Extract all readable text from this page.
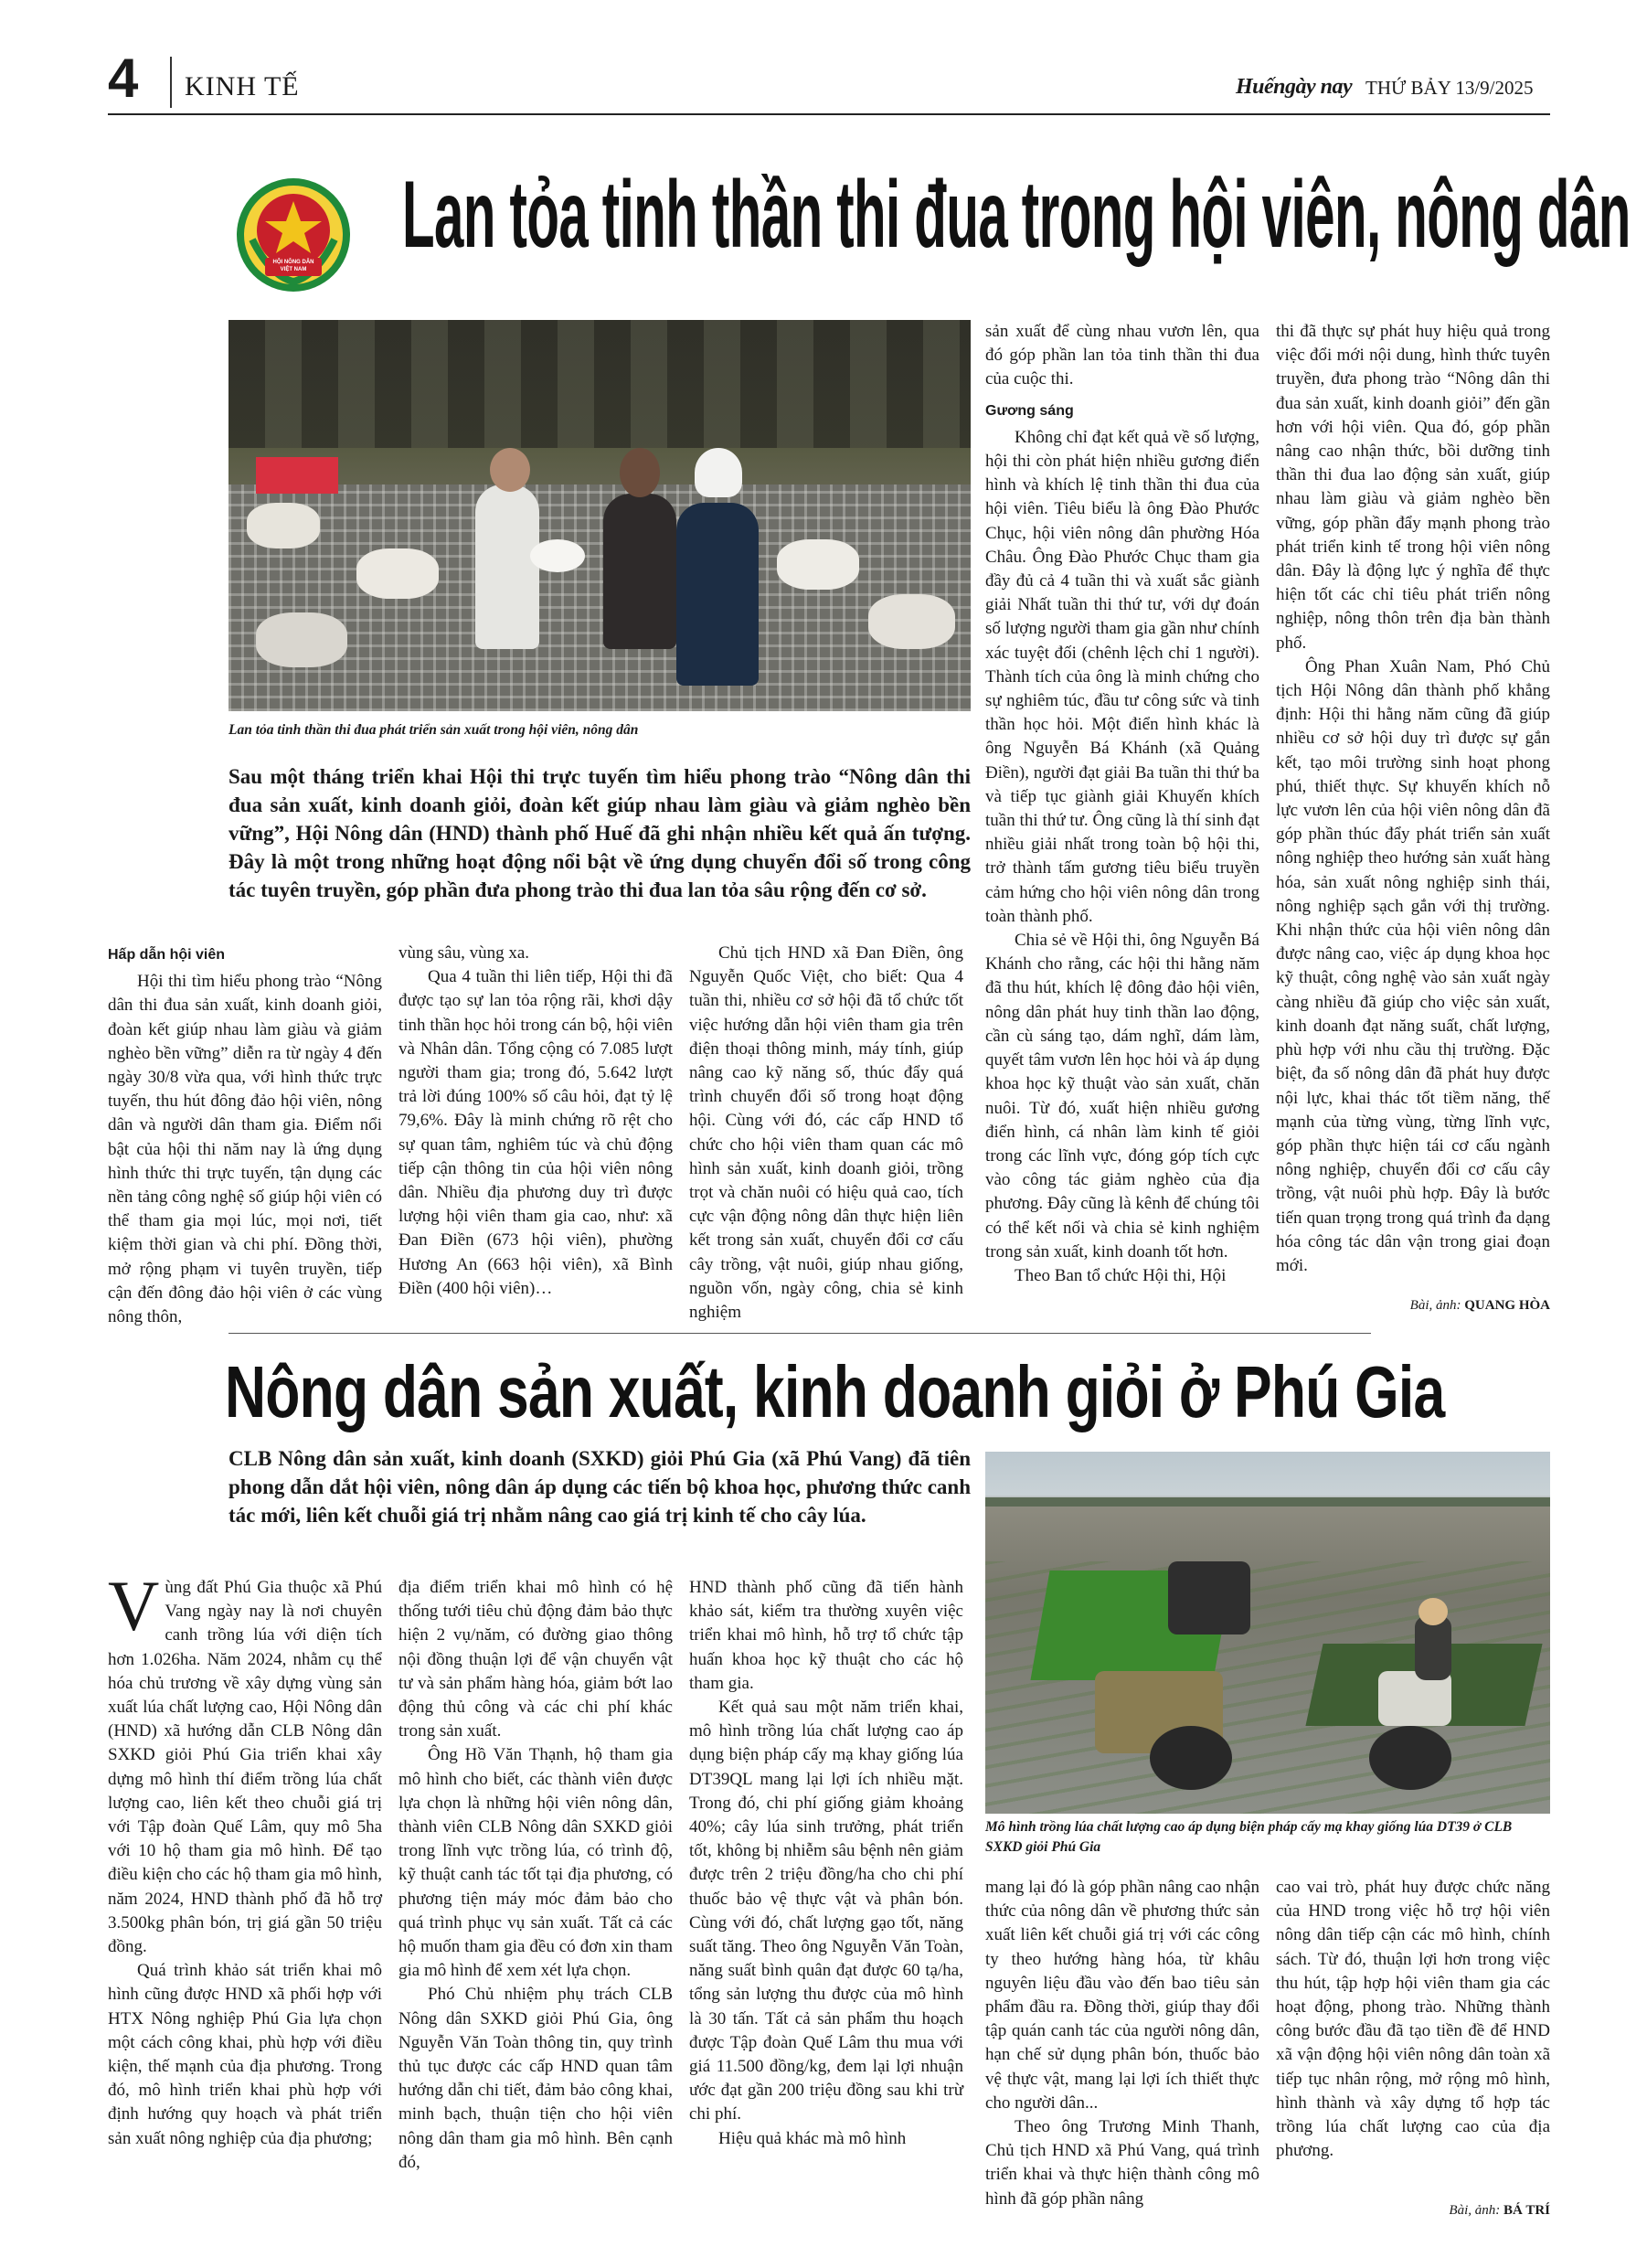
4 KINH TẾ	Huếngày nay THỨ BẢY 13/9/2025
HỘI NÔNG DÂN
VIỆT NAM
Lan tỏa tinh thần thi đua trong hội viên, nông dân
Lan tỏa tinh thần thi đua phát triển sản xuất trong hội viên, nông dân
Sau một tháng triển khai Hội thi trực tuyến tìm hiểu phong trào “Nông dân thi đua sản xuất, kinh doanh giỏi, đoàn kết giúp nhau làm giàu và giảm nghèo bền vững”, Hội Nông dân (HND) thành phố Huế đã ghi nhận nhiều kết quả ấn tượng. Đây là một trong những hoạt động nổi bật về ứng dụng chuyển đổi số trong công tác tuyên truyền, góp phần đưa phong trào thi đua lan tỏa sâu rộng đến cơ sở.
Hấp dẫn hội viên

Hội thi tìm hiểu phong trào “Nông dân thi đua sản xuất, kinh doanh giỏi, đoàn kết giúp nhau làm giàu và giảm nghèo bền vững” diễn ra từ ngày 4 đến ngày 30/8 vừa qua, với hình thức trực tuyến, thu hút đông đảo hội viên, nông dân và người dân tham gia. Điểm nổi bật của hội thi năm nay là ứng dụng hình thức thi trực tuyến, tận dụng các nền tảng công nghệ số giúp hội viên có thể tham gia mọi lúc, mọi nơi, tiết kiệm thời gian và chi phí. Đồng thời, mở rộng phạm vi tuyên truyền, tiếp cận đến đông đảo hội viên ở các vùng nông thôn,

vùng sâu, vùng xa.

Qua 4 tuần thi liên tiếp, Hội thi đã được tạo sự lan tỏa rộng rãi, khơi dậy tinh thần học hỏi trong cán bộ, hội viên và Nhân dân. Tổng cộng có 7.085 lượt người tham gia; trong đó, 5.642 lượt trả lời đúng 100% số câu hỏi, đạt tỷ lệ 79,6%. Đây là minh chứng rõ rệt cho sự quan tâm, nghiêm túc và chủ động tiếp cận thông tin của hội viên nông dân. Nhiều địa phương duy trì được lượng hội viên tham gia cao, như: xã Đan Điền (673 hội viên), phường Hương An (663 hội viên), xã Bình Điền (400 hội viên)…

Chủ tịch HND xã Đan Điền, ông Nguyễn Quốc Việt, cho biết: Qua 4 tuần thi, nhiều cơ sở hội đã tổ chức tốt việc hướng dẫn hội viên tham gia trên điện thoại thông minh, máy tính, giúp nâng cao kỹ năng số, thúc đẩy quá trình chuyển đổi số trong hoạt động hội. Cùng với đó, các cấp HND tổ chức cho hội viên tham quan các mô hình sản xuất, kinh doanh giỏi, trồng trọt và chăn nuôi có hiệu quả cao, tích cực vận động nông dân thực hiện liên kết trong sản xuất, chuyển đổi cơ cấu cây trồng, vật nuôi, giúp nhau giống, nguồn vốn, ngày công, chia sẻ kinh nghiệm

sản xuất để cùng nhau vươn lên, qua đó góp phần lan tỏa tinh thần thi đua của cuộc thi.

Gương sáng

Không chỉ đạt kết quả về số lượng, hội thi còn phát hiện nhiều gương điển hình và khích lệ tinh thần thi đua của hội viên. Tiêu biểu là ông Đào Phước Chục, hội viên nông dân phường Hóa Châu. Ông Đào Phước Chục tham gia đầy đủ cả 4 tuần thi và xuất sắc giành giải Nhất tuần thi thứ tư, với dự đoán số lượng người tham gia gần như chính xác tuyệt đối (chênh lệch chỉ 1 người). Thành tích của ông là minh chứng cho sự nghiêm túc, đầu tư công sức và tinh thần học hỏi. Một điển hình khác là ông Nguyễn Bá Khánh (xã Quảng Điền), người đạt giải Ba tuần thi thứ ba và tiếp tục giành giải Khuyến khích tuần thi thứ tư. Ông cũng là thí sinh đạt nhiều giải nhất trong toàn bộ hội thi, trở thành tấm gương tiêu biểu truyền cảm hứng cho hội viên nông dân trong toàn thành phố.

Chia sẻ về Hội thi, ông Nguyễn Bá Khánh cho rằng, các hội thi hằng năm đã thu hút, khích lệ đông đảo hội viên, nông dân phát huy tinh thần lao động, cần cù sáng tạo, dám nghĩ, dám làm, quyết tâm vươn lên học hỏi và áp dụng khoa học kỹ thuật vào sản xuất, chăn nuôi. Từ đó, xuất hiện nhiều gương điển hình, cá nhân làm kinh tế giỏi trong các lĩnh vực, đóng góp tích cực vào công tác giảm nghèo của địa phương. Đây cũng là kênh để chúng tôi có thể kết nối và chia sẻ kinh nghiệm trong sản xuất, kinh doanh tốt hơn.

Theo Ban tổ chức Hội thi, Hội

thi đã thực sự phát huy hiệu quả trong việc đổi mới nội dung, hình thức tuyên truyền, đưa phong trào “Nông dân thi đua sản xuất, kinh doanh giỏi” đến gần hơn với hội viên. Qua đó, góp phần nâng cao nhận thức, bồi dưỡng tinh thần thi đua lao động sản xuất, giúp nhau làm giàu và giảm nghèo bền vững, góp phần đẩy mạnh phong trào phát triển kinh tế trong hội viên nông dân. Đây là động lực ý nghĩa để thực hiện tốt các chỉ tiêu phát triển nông nghiệp, nông thôn trên địa bàn thành phố.

Ông Phan Xuân Nam, Phó Chủ tịch Hội Nông dân thành phố khẳng định: Hội thi hằng năm cũng đã giúp nhiều cơ sở hội duy trì được sự gắn kết, tạo môi trường sinh hoạt phong phú, thiết thực. Sự khuyến khích nỗ lực vươn lên của hội viên nông dân đã góp phần thúc đẩy phát triển sản xuất nông nghiệp theo hướng sản xuất hàng hóa, sản xuất nông nghiệp sinh thái, nông nghiệp sạch gắn với thị trường. Khi nhận thức của hội viên nông dân được nâng cao, việc áp dụng khoa học kỹ thuật, công nghệ vào sản xuất ngày càng nhiều đã giúp cho việc sản xuất, kinh doanh đạt năng suất, chất lượng, phù hợp với nhu cầu thị trường. Đặc biệt, đa số nông dân đã phát huy được nội lực, khai thác tốt tiềm năng, thế mạnh của từng vùng, từng lĩnh vực, góp phần thực hiện tái cơ cấu ngành nông nghiệp, chuyển đổi cơ cấu cây trồng, vật nuôi phù hợp. Đây là bước tiến quan trọng trong quá trình đa dạng hóa công tác dân vận trong giai đoạn mới.

Bài, ảnh: QUANG HÒA
Nông dân sản xuất, kinh doanh giỏi ở Phú Gia
CLB Nông dân sản xuất, kinh doanh (SXKD) giỏi Phú Gia (xã Phú Vang) đã tiên phong dẫn dắt hội viên, nông dân áp dụng các tiến bộ khoa học, phương thức canh tác mới, liên kết chuỗi giá trị nhằm nâng cao giá trị kinh tế cho cây lúa.
Mô hình trồng lúa chất lượng cao áp dụng biện pháp cấy mạ khay giống lúa DT39 ở CLB SXKD giỏi Phú Gia

Vùng đất Phú Gia thuộc xã Phú Vang ngày nay là nơi chuyên canh trồng lúa với diện tích hơn 1.026ha. Năm 2024, nhằm cụ thể hóa chủ trương về xây dựng vùng sản xuất lúa chất lượng cao, Hội Nông dân (HND) xã hướng dẫn CLB Nông dân SXKD giỏi Phú Gia triển khai xây dựng mô hình thí điểm trồng lúa chất lượng cao, liên kết theo chuỗi giá trị với Tập đoàn Quế Lâm, quy mô 5ha với 10 hộ tham gia mô hình. Để tạo điều kiện cho các hộ tham gia mô hình, năm 2024, HND thành phố đã hỗ trợ 3.500kg phân bón, trị giá gần 50 triệu đồng.

Quá trình khảo sát triển khai mô hình cũng được HND xã phối hợp với HTX Nông nghiệp Phú Gia lựa chọn một cách công khai, phù hợp với điều kiện, thế mạnh của địa phương. Trong đó, mô hình triển khai phù hợp với định hướng quy hoạch và phát triển sản xuất nông nghiệp của địa phương;

địa điểm triển khai mô hình có hệ thống tưới tiêu chủ động đảm bảo thực hiện 2 vụ/năm, có đường giao thông nội đồng thuận lợi để vận chuyển vật tư và sản phẩm hàng hóa, giảm bớt lao động thủ công và các chi phí khác trong sản xuất.

Ông Hồ Văn Thạnh, hộ tham gia mô hình cho biết, các thành viên được lựa chọn là những hội viên nông dân, thành viên CLB Nông dân SXKD giỏi trong lĩnh vực trồng lúa, có trình độ, kỹ thuật canh tác tốt tại địa phương, có phương tiện máy móc đảm bảo cho quá trình phục vụ sản xuất. Tất cả các hộ muốn tham gia đều có đơn xin tham gia mô hình để xem xét lựa chọn.

Phó Chủ nhiệm phụ trách CLB Nông dân SXKD giỏi Phú Gia, ông Nguyễn Văn Toàn thông tin, quy trình thủ tục được các cấp HND quan tâm hướng dẫn chi tiết, đảm bảo công khai, minh bạch, thuận tiện cho hội viên nông dân tham gia mô hình. Bên cạnh đó,

HND thành phố cũng đã tiến hành khảo sát, kiểm tra thường xuyên việc triển khai mô hình, hỗ trợ tổ chức tập huấn khoa học kỹ thuật cho các hộ tham gia.

Kết quả sau một năm triển khai, mô hình trồng lúa chất lượng cao áp dụng biện pháp cấy mạ khay giống lúa DT39QL mang lại lợi ích nhiều mặt. Trong đó, chi phí giống giảm khoảng 40%; cây lúa sinh trưởng, phát triển tốt, không bị nhiễm sâu bệnh nên giảm được trên 2 triệu đồng/ha cho chi phí thuốc bảo vệ thực vật và phân bón. Cùng với đó, chất lượng gạo tốt, năng suất tăng. Theo ông Nguyễn Văn Toàn, năng suất bình quân đạt được 60 tạ/ha, tổng sản lượng thu được của mô hình là 30 tấn. Tất cả sản phẩm thu hoạch được Tập đoàn Quế Lâm thu mua với giá 11.500 đồng/kg, đem lại lợi nhuận ước đạt gần 200 triệu đồng sau khi trừ chi phí.

Hiệu quả khác mà mô hình

mang lại đó là góp phần nâng cao nhận thức của nông dân về phương thức sản xuất liên kết chuỗi giá trị với các công ty theo hướng hàng hóa, từ khâu nguyên liệu đầu vào đến bao tiêu sản phẩm đầu ra. Đồng thời, giúp thay đổi tập quán canh tác của người nông dân, hạn chế sử dụng phân bón, thuốc bảo vệ thực vật, mang lại lợi ích thiết thực cho người dân...

Theo ông Trương Minh Thanh, Chủ tịch HND xã Phú Vang, quá trình triển khai và thực hiện thành công mô hình đã góp phần nâng

cao vai trò, phát huy được chức năng của HND trong việc hỗ trợ hội viên nông dân tiếp cận các mô hình, chính sách. Từ đó, thuận lợi hơn trong việc thu hút, tập hợp hội viên tham gia các hoạt động, phong trào. Những thành công bước đầu đã tạo tiền đề để HND xã vận động hội viên nông dân toàn xã tiếp tục nhân rộng, mở rộng mô hình, hình thành và xây dựng tổ hợp tác trồng lúa chất lượng cao của địa phương.

Bài, ảnh: BÁ TRÍ
